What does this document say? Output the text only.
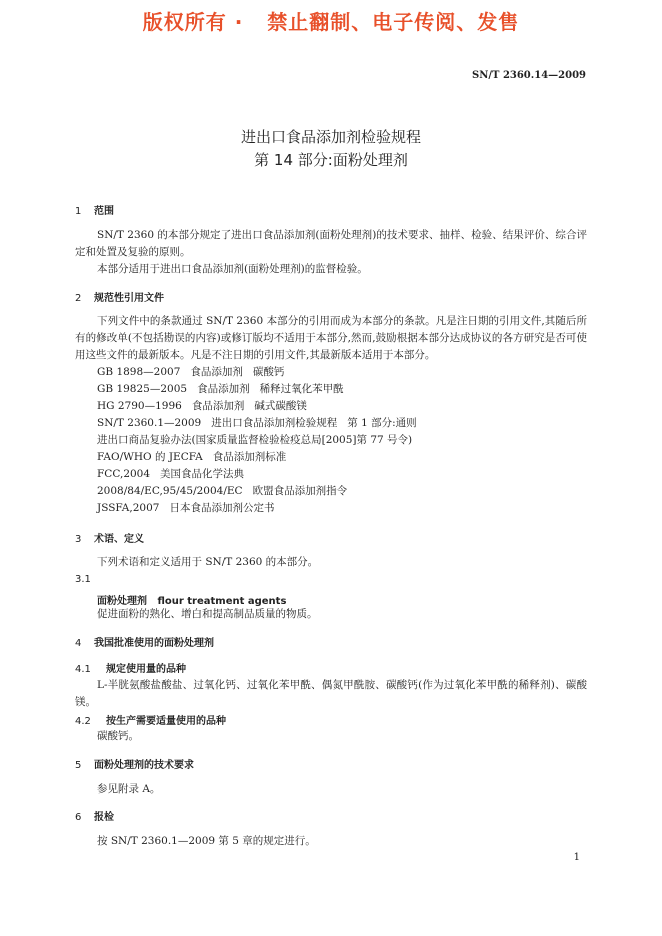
版权所有 ·   禁止翻制、电子传阅、发售
SN/T 2360.14—2009
进出口食品添加剂检验规程
第 14 部分:面粉处理剂
1 范围
SN/T 2360 的本部分规定了进出口食品添加剂(面粉处理剂)的技术要求、抽样、检验、结果评价、综合评定和处置及复验的原则。
本部分适用于进出口食品添加剂(面粉处理剂)的监督检验。
2 规范性引用文件
下列文件中的条款通过 SN/T 2360 本部分的引用而成为本部分的条款。凡是注日期的引用文件,其随后所有的修改单(不包括勘误的内容)或修订版均不适用于本部分,然而,鼓励根据本部分达成协议的各方研究是否可使用这些文件的最新版本。凡是不注日期的引用文件,其最新版本适用于本部分。
GB 1898—2007   食品添加剂   碳酸钙
GB 19825—2005   食品添加剂   稀释过氧化苯甲酰
HG 2790—1996   食品添加剂   碱式碳酸镁
SN/T 2360.1—2009   进出口食品添加剂检验规程   第 1 部分:通则
进出口商品复验办法(国家质量监督检验检疫总局[2005]第 77 号令)
FAO/WHO 的 JECFA   食品添加剂标准
FCC,2004   美国食品化学法典
2008/84/EC,95/45/2004/EC   欧盟食品添加剂指令
JSSFA,2007   日本食品添加剂公定书
3 术语、定义
下列术语和定义适用于 SN/T 2360 的本部分。
3.1
面粉处理剂   flour treatment agents
促进面粉的熟化、增白和提高制品质量的物质。
4 我国批准使用的面粉处理剂
4.1 规定使用量的品种
L-半胱氨酸盐酸盐、过氧化钙、过氧化苯甲酰、偶氮甲酰胺、碳酸钙(作为过氧化苯甲酰的稀释剂)、碳酸镁。
4.2 按生产需要适量使用的品种
碳酸钙。
5 面粉处理剂的技术要求
参见附录 A。
6 报检
按 SN/T 2360.1—2009 第 5 章的规定进行。
1
